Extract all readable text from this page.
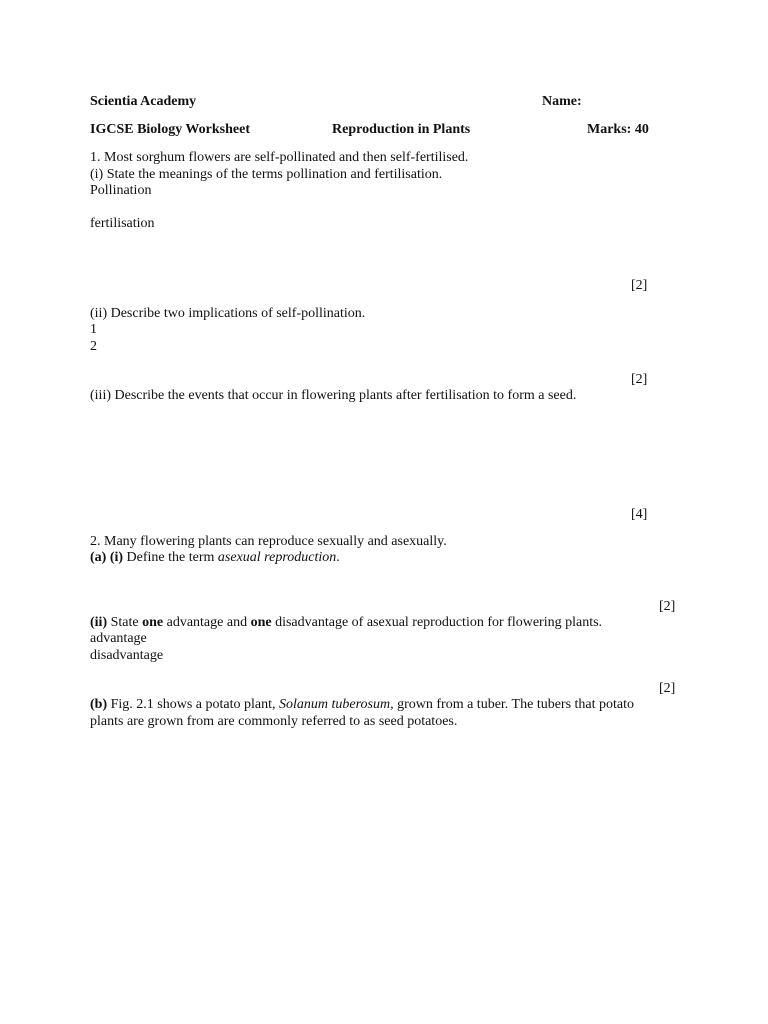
Scientia Academy	Name:
IGCSE Biology Worksheet	Reproduction in Plants	Marks: 40
1. Most sorghum flowers are self-pollinated and then self-fertilised.
(i) State the meanings of the terms pollination and fertilisation.
Pollination
fertilisation
[2]
(ii) Describe two implications of self-pollination.
1
2
[2]
(iii) Describe the events that occur in flowering plants after fertilisation to form a seed.
[4]
2. Many flowering plants can reproduce sexually and asexually.
(a) (i) Define the term asexual reproduction.
[2]
(ii) State one advantage and one disadvantage of asexual reproduction for flowering plants.
advantage
disadvantage
[2]
(b) Fig. 2.1 shows a potato plant, Solanum tuberosum, grown from a tuber. The tubers that potato
plants are grown from are commonly referred to as seed potatoes.
